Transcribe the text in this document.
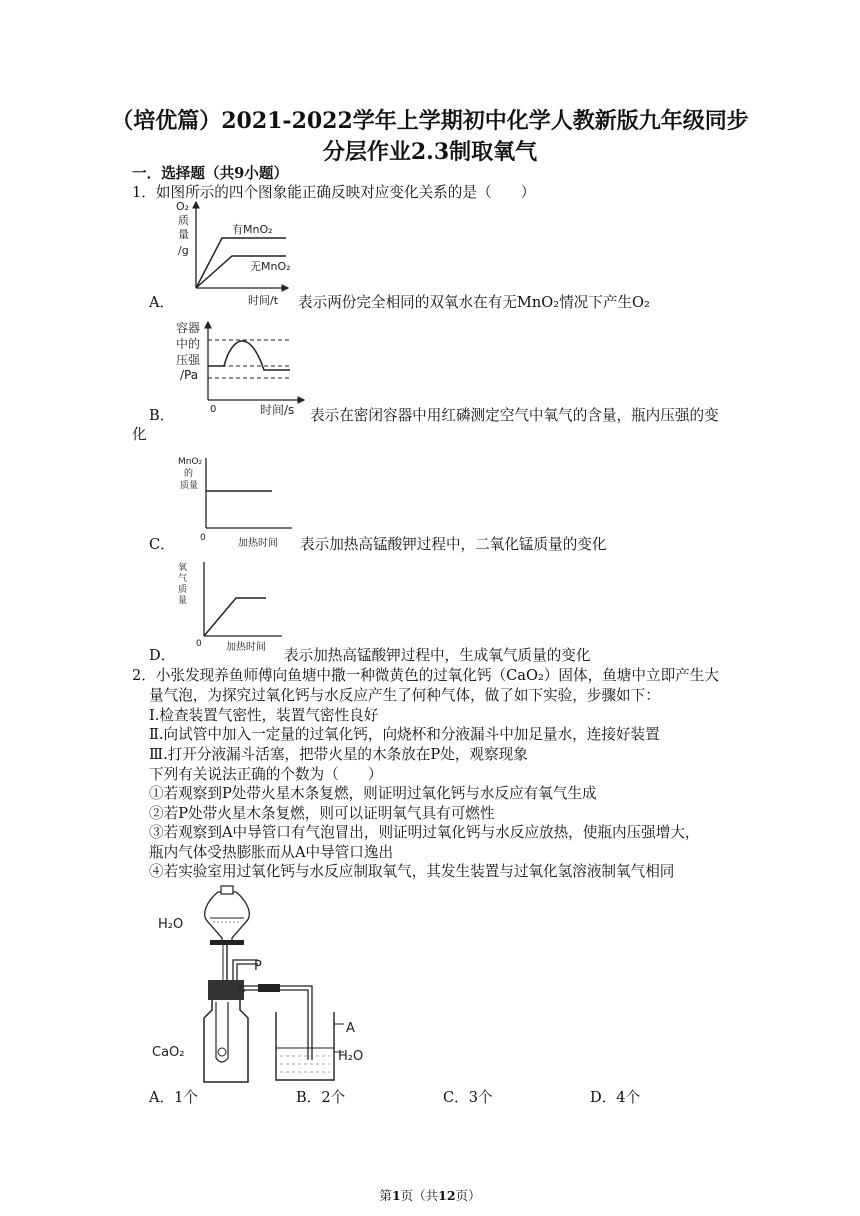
（培优篇）2021-2022学年上学期初中化学人教新版九年级同步
分层作业2.3制取氧气
一．选择题（共9小题）
1．如图所示的四个图象能正确反映对应变化关系的是（　　）
O₂
质
量
/g
有MnO₂
无MnO₂
时间/t
A．	表示两份完全相同的双氧水在有无MnO₂情况下产生O₂
容器
中的
压强
/Pa
0	时间/s
B．	表示在密闭容器中用红磷测定空气中氧气的含量，瓶内压强的变
化
MnO₂
的
质量
0	加热时间
C．	表示加热高锰酸钾过程中，二氧化锰质量的变化
氧
气
质
量
0 加热时间
D．	表示加热高锰酸钾过程中，生成氧气质量的变化
2．小张发现养鱼师傅向鱼塘中撒一种微黄色的过氧化钙（CaO₂）固体，鱼塘中立即产生大
量气泡，为探究过氧化钙与水反应产生了何种气体，做了如下实验，步骤如下：
Ⅰ.检查装置气密性，装置气密性良好
Ⅱ.向试管中加入一定量的过氧化钙，向烧杯和分液漏斗中加足量水，连接好装置
Ⅲ.打开分液漏斗活塞，把带火星的木条放在P处，观察现象
下列有关说法正确的个数为（　　）
①若观察到P处带火星木条复燃，则证明过氧化钙与水反应有氧气生成
②若P处带火星木条复燃，则可以证明氧气具有可燃性
③若观察到A中导管口有气泡冒出，则证明过氧化钙与水反应放热，使瓶内压强增大，
瓶内气体受热膨胀而从A中导管口逸出
④若实验室用过氧化钙与水反应制取氧气，其发生装置与过氧化氢溶液制氧气相同
H₂O
P
A
CaO₂	H₂O
A．1个	B．2个	C．3个	D．4个
第1页（共12页）
